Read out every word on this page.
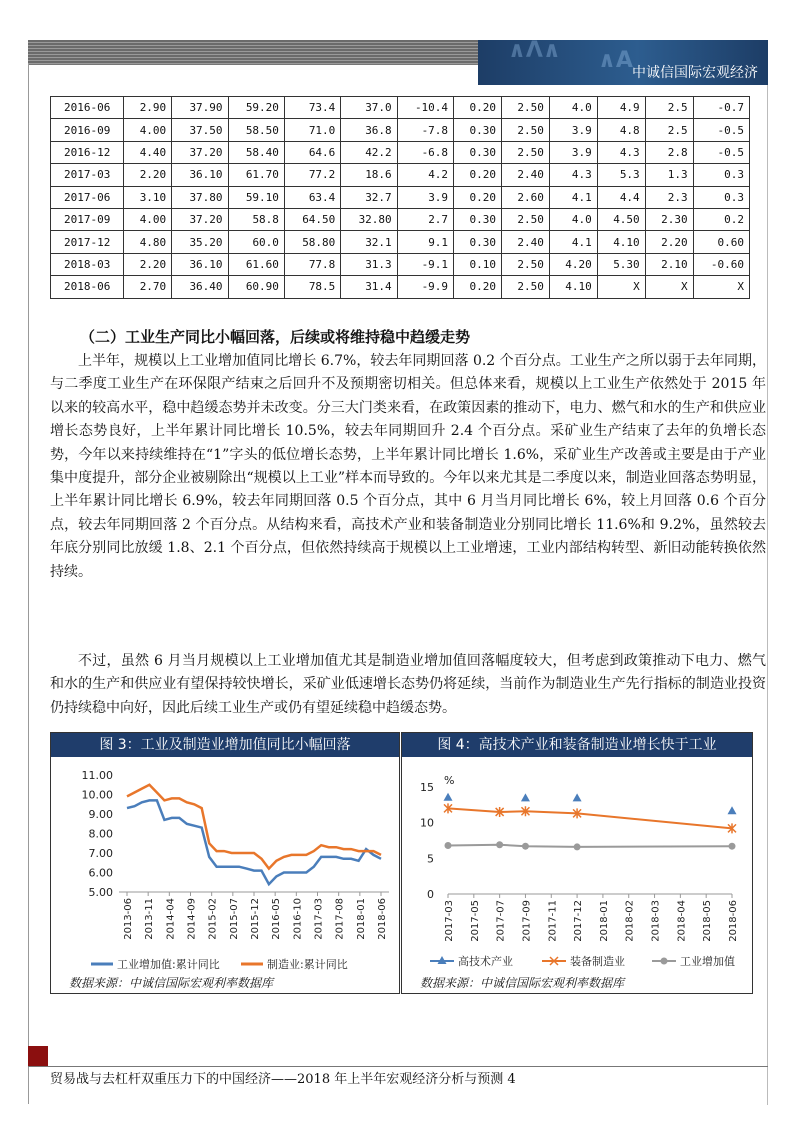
∧Λ∧ ∧A 中诚信国际宏观经济
2016-06	2.90	37.90	59.20	73.4	37.0	-10.4	0.20	2.50	4.0	4.9	2.5	-0.7
2016-09	4.00	37.50	58.50	71.0	36.8	-7.8	0.30	2.50	3.9	4.8	2.5	-0.5
2016-12	4.40	37.20	58.40	64.6	42.2	-6.8	0.30	2.50	3.9	4.3	2.8	-0.5
2017-03	2.20	36.10	61.70	77.2	18.6	4.2	0.20	2.40	4.3	5.3	1.3	0.3
2017-06	3.10	37.80	59.10	63.4	32.7	3.9	0.20	2.60	4.1	4.4	2.3	0.3
2017-09	4.00	37.20	58.8	64.50	32.80	2.7	0.30	2.50	4.0	4.50	2.30	0.2
2017-12	4.80	35.20	60.0	58.80	32.1	9.1	0.30	2.40	4.1	4.10	2.20	0.60
2018-03	2.20	36.10	61.60	77.8	31.3	-9.1	0.10	2.50	4.20	5.30	2.10	-0.60
2018-06	2.70	36.40	60.90	78.5	31.4	-9.9	0.20	2.50	4.10	X	X	X
（二）工业生产同比小幅回落，后续或将维持稳中趋缓走势

上半年，规模以上工业增加值同比增长 6.7%，较去年同期回落 0.2 个百分点。工业生产之所以弱于去年同期，与二季度工业生产在环保限产结束之后回升不及预期密切相关。但总体来看，规模以上工业生产依然处于 2015 年以来的较高水平，稳中趋缓态势并未改变。分三大门类来看，在政策因素的推动下，电力、燃气和水的生产和供应业增长态势良好，上半年累计同比增长 10.5%，较去年同期回升 2.4 个百分点。采矿业生产结束了去年的负增长态势，今年以来持续维持在“1”字头的低位增长态势，上半年累计同比增长 1.6%，采矿业生产改善或主要是由于产业集中度提升，部分企业被剔除出“规模以上工业”样本而导致的。今年以来尤其是二季度以来，制造业回落态势明显，上半年累计同比增长 6.9%，较去年同期回落 0.5 个百分点，其中 6 月当月同比增长 6%，较上月回落 0.6 个百分点，较去年同期回落 2 个百分点。从结构来看，高技术产业和装备制造业分别同比增长 11.6%和 9.2%，虽然较去年底分别同比放缓 1.8、2.1 个百分点，但依然持续高于规模以上工业增速，工业内部结构转型、新旧动能转换依然持续。

不过，虽然 6 月当月规模以上工业增加值尤其是制造业增加值回落幅度较大，但考虑到政策推动下电力、燃气和水的生产和供应业有望保持较快增长，采矿业低速增长态势仍将延续，当前作为制造业生产先行指标的制造业投资仍持续稳中向好，因此后续工业生产或仍有望延续稳中趋缓态势。

图 3：工业及制造业增加值同比小幅回落
11.00
10.00
9.00
8.00
7.00
6.00
5.00
2013-06 2013-11 2014-04 2014-09 2015-02 2015-07 2015-12 2016-05 2016-10 2017-03 2017-08 2018-01 2018-06
工业增加值:累计同比	制造业:累计同比
数据来源：中诚信国际宏观利率数据库
图 4：高技术产业和装备制造业增长快于工业
%
15
10
5
0
2017-03 2017-05 2017-07 2017-09 2017-11 2017-12 2018-01 2018-02 2018-03 2018-04 2018-05 2018-06
高技术产业	装备制造业	工业增加值
数据来源：中诚信国际宏观利率数据库
贸易战与去杠杆双重压力下的中国经济——2018 年上半年宏观经济分析与预测 4
